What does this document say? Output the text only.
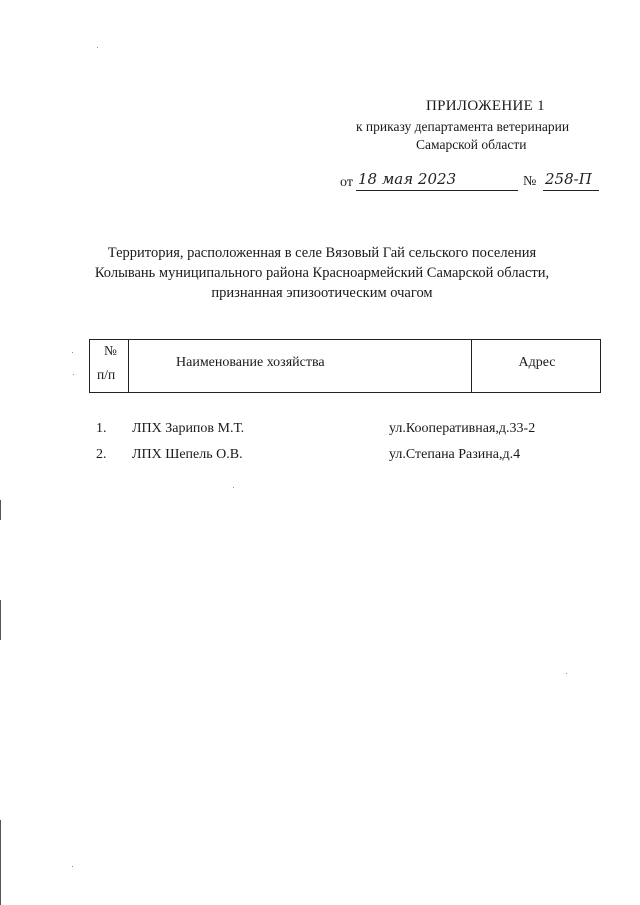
ПРИЛОЖЕНИЕ 1
к приказу департамента ветеринарии
Самарской области
от 18 мая 2023	№ 258-П
Территория, расположенная в селе Вязовый Гай сельского поселения
Колывань муниципального района Красноармейский Самарской области,
признанная эпизоотическим очагом
№
п/п
Наименование хозяйства	Адрес
1. ЛПХ Зарипов М.Т.	ул.Кооперативная,д.33-2
2. ЛПХ Шепель О.В.	ул.Степана Разина,д.4
